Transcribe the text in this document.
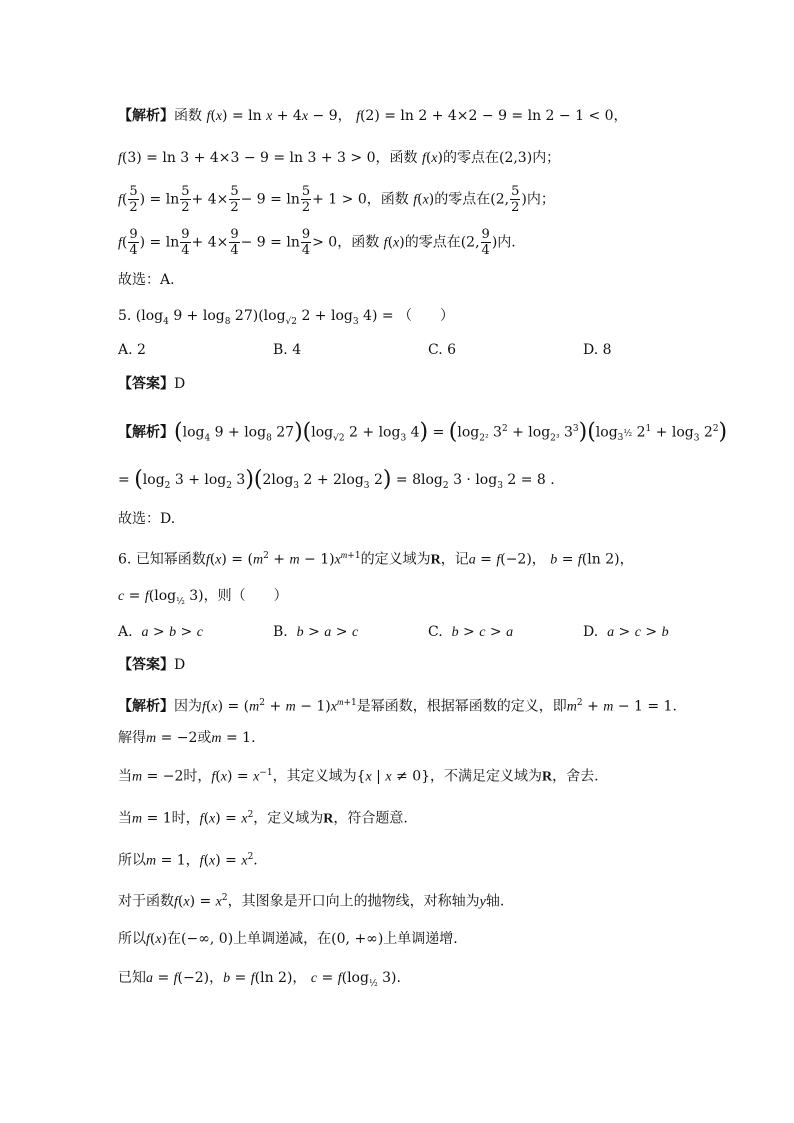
【解析】函数 f(x) = ln x + 4x − 9， f(2) = ln 2 + 4×2 − 9 = ln 2 − 1 < 0，
f(3) = ln 3 + 4×3 − 9 = ln 3 + 3 > 0，函数 f(x)的零点在(2,3)内；
$f( \frac{5}{2}$ ) = $\ln \frac{5}{2} + 4\times \frac{5}{2} - 9 = \ln \frac{5}{2} + 1 > 0$，函数 f(x)的零点在(2, $\frac{5}{2}$ )内；
$f( \frac{9}{4}$ ) = $\ln \frac{9}{4} + 4\times \frac{9}{4} - 9 = \ln \frac{9}{4} > 0$，函数 f(x)的零点在(2, $\frac{9}{4}$ )内.
故选：A.
5. ($\log_4$ $9 + \log_8 27)(\log_{√2}$ $2 + \log_3 4$) = （　　）
A. 2	B. 4	C. 6	D. 8
【答案】D
【解析】($\log_4$ $9 + \log_8 27)(\log_{√2}$ $2 + \log_3 4) = (\log_{2^2}$ $3^2 + \log_{2^3} 3^3)(\log_{3^{\frac{1}{2}}}$ $2^1 + \log_3 2^2$)
= ($\log_2$ $3 + \log_2 3)(2\log_3$ $2 + 2\log_3$ $2) = 8\log_2$ $3 \cdot \log_3 2 = 8$ .
故选：D.
6. 已知幂函数$f(x) = (m^2 + m - 1)x^{m+1}$的定义域为R，记a = f(−2)， b = f(ln 2)，
$c = f(\log_{\frac{1}{2}}$ 3)，则（　　）
A. a > b > c	B. b > a > c	C. b > c > a	D. a > c > b
【答案】D
【解析】因为$f(x) = (m^2 + m - 1)x^{m+1}$是幂函数，根据幂函数的定义，即$m^2 + m - 1 = 1$.
解得m = −2或m = 1.
当m = −2时，$f(x) = x^{-1}$，其定义域为{x | x ≠ 0}，不满足定义域为R，舍去.
当m = 1时，$f(x) = x^2$，定义域为R，符合题意.
所以m = 1，$f(x) = x^2$.
对于函数$f(x) = x^2$，其图象是开口向上的抛物线，对称轴为y轴.
所以f(x)在(−∞, 0)上单调递减，在(0, +∞)上单调递增.
已知a = f(−2)，b = f(ln 2)， $c = f(\log_{\frac{1}{2}}$ 3).
